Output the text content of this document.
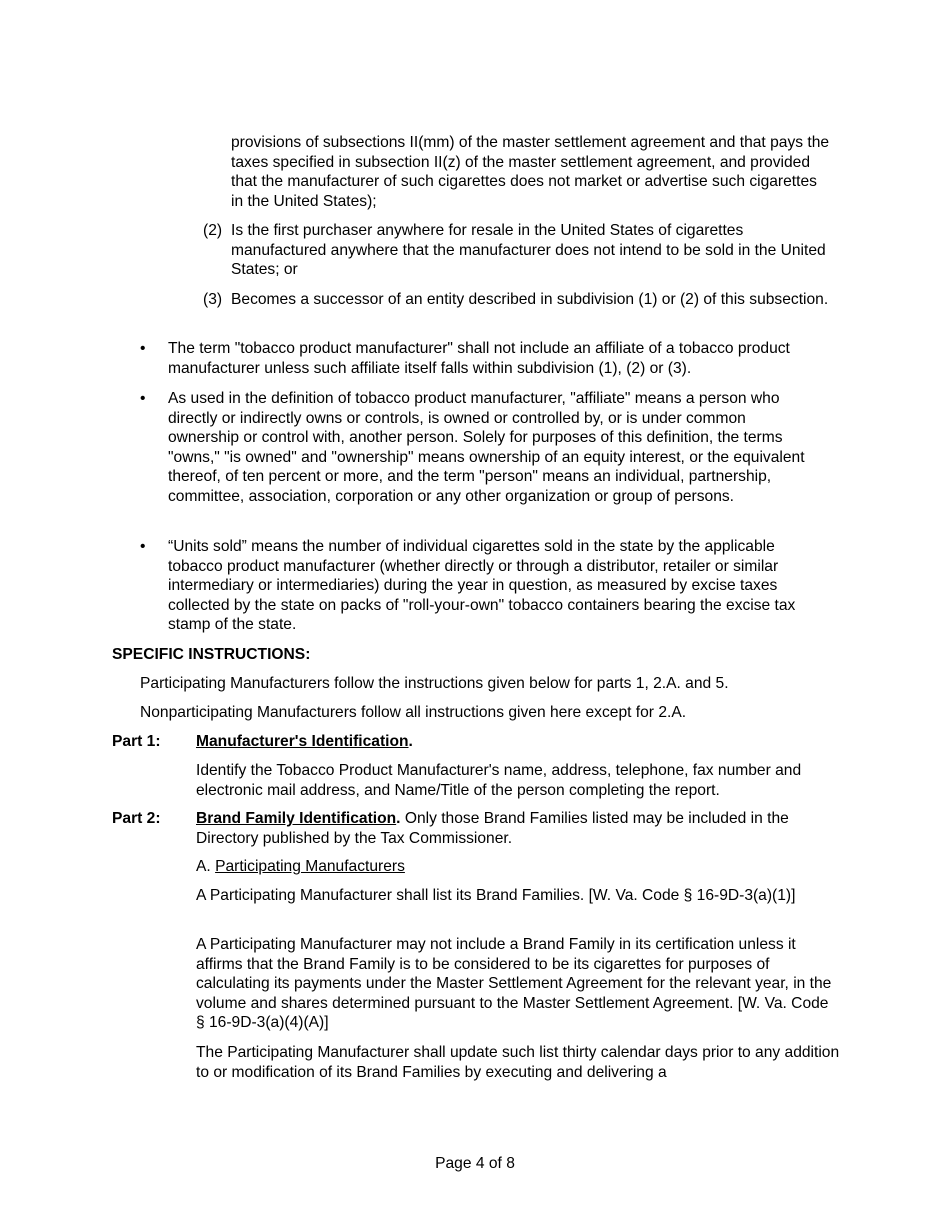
provisions of subsections II(mm) of the master settlement agreement and that pays the taxes specified in subsection II(z) of the master settlement agreement, and provided that the manufacturer of such cigarettes does not market or advertise such cigarettes in the United States);

(2) Is the first purchaser anywhere for resale in the United States of cigarettes manufactured anywhere that the manufacturer does not intend to be sold in the United States; or

(3) Becomes a successor of an entity described in subdivision (1) or (2) of this subsection.

• The term "tobacco product manufacturer" shall not include an affiliate of a tobacco product manufacturer unless such affiliate itself falls within subdivision (1), (2) or (3).

• As used in the definition of tobacco product manufacturer, "affiliate" means a person who directly or indirectly owns or controls, is owned or controlled by, or is under common ownership or control with, another person. Solely for purposes of this definition, the terms "owns," "is owned" and "ownership" means ownership of an equity interest, or the equivalent thereof, of ten percent or more, and the term "person" means an individual, partnership, committee, association, corporation or any other organization or group of persons.

• “Units sold” means the number of individual cigarettes sold in the state by the applicable tobacco product manufacturer (whether directly or through a distributor, retailer or similar intermediary or intermediaries) during the year in question, as measured by excise taxes collected by the state on packs of "roll-your-own" tobacco containers bearing the excise tax stamp of the state.

SPECIFIC INSTRUCTIONS:

Participating Manufacturers follow the instructions given below for parts 1, 2.A. and 5.

Nonparticipating Manufacturers follow all instructions given here except for 2.A.

Part 1: Manufacturer's Identification.

Identify the Tobacco Product Manufacturer's name, address, telephone, fax number and electronic mail address, and Name/Title of the person completing the report.

Part 2: Brand Family Identification. Only those Brand Families listed may be included in the Directory published by the Tax Commissioner.

A. Participating Manufacturers

A Participating Manufacturer shall list its Brand Families. [W. Va. Code § 16-9D-3(a)(1)]

A Participating Manufacturer may not include a Brand Family in its certification unless it affirms that the Brand Family is to be considered to be its cigarettes for purposes of calculating its payments under the Master Settlement Agreement for the relevant year, in the volume and shares determined pursuant to the Master Settlement Agreement. [W. Va. Code § 16-9D-3(a)(4)(A)]

The Participating Manufacturer shall update such list thirty calendar days prior to any addition to or modification of its Brand Families by executing and delivering a

Page 4 of 8
